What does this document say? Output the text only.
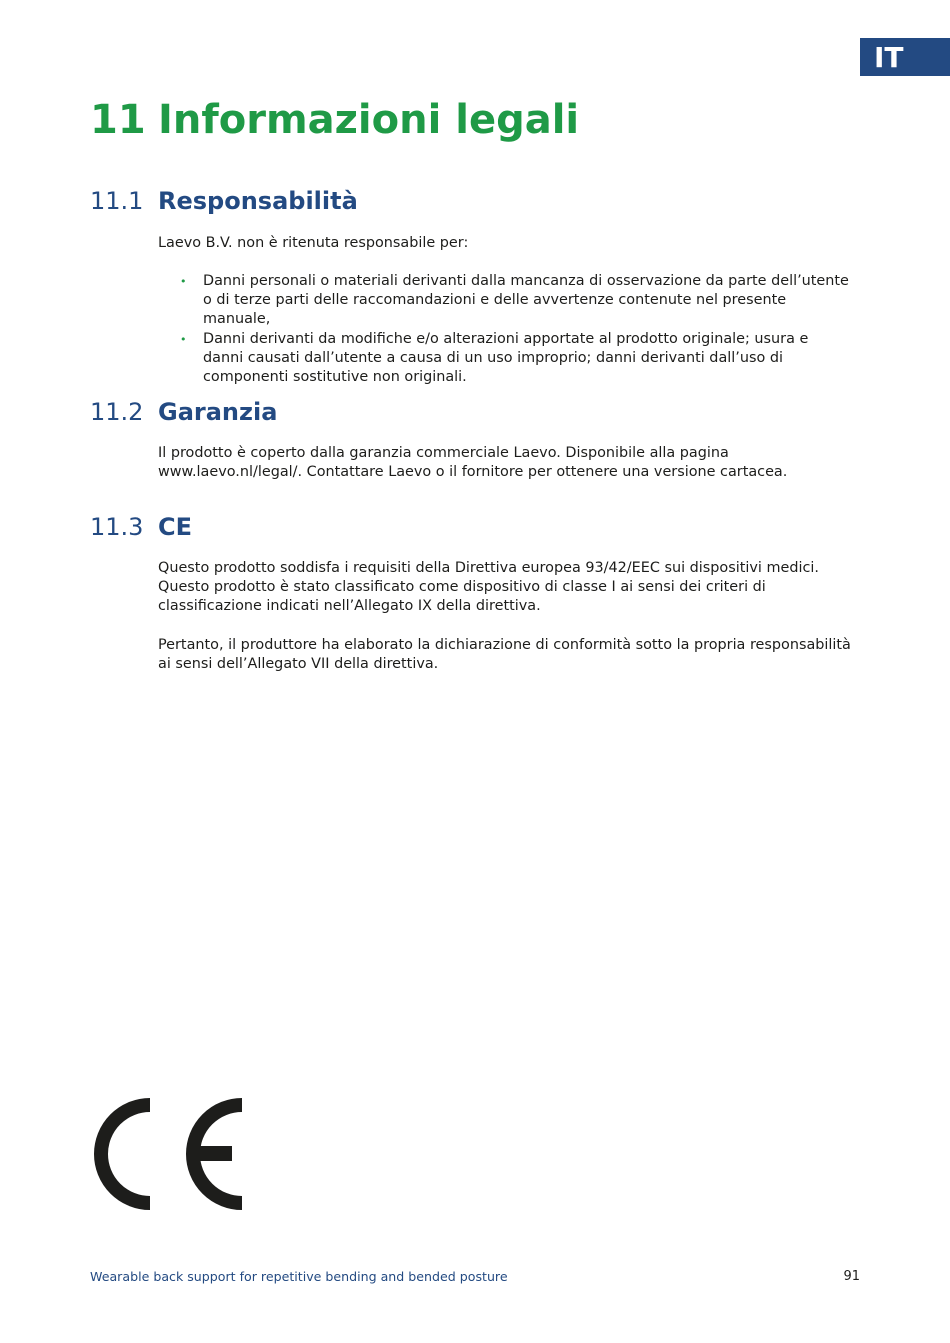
IT
11 Informazioni legali
11.1 Responsabilità

Laevo B.V. non è ritenuta responsabile per:

• Danni personali o materiali derivanti dalla mancanza di osservazione da parte dell’utente o di terze parti delle raccomandazioni e delle avvertenze contenute nel presente manuale,
• Danni derivanti da modifiche e/o alterazioni apportate al prodotto originale; usura e danni causati dall’utente a causa di un uso improprio; danni derivanti dall’uso di componenti sostitutive non originali.
11.2 Garanzia

Il prodotto è coperto dalla garanzia commerciale Laevo. Disponibile alla pagina www.laevo.nl/legal/. Contattare Laevo o il fornitore per ottenere una versione cartacea.

11.3 CE

Questo prodotto soddisfa i requisiti della Direttiva europea 93/42/EEC sui dispositivi medici. Questo prodotto è stato classificato come dispositivo di classe I ai sensi dei criteri di classificazione indicati nell’Allegato IX della direttiva.

Pertanto, il produttore ha elaborato la dichiarazione di conformità sotto la propria responsabilità ai sensi dell’Allegato VII della direttiva.

Wearable back support for repetitive bending and bended posture	91
